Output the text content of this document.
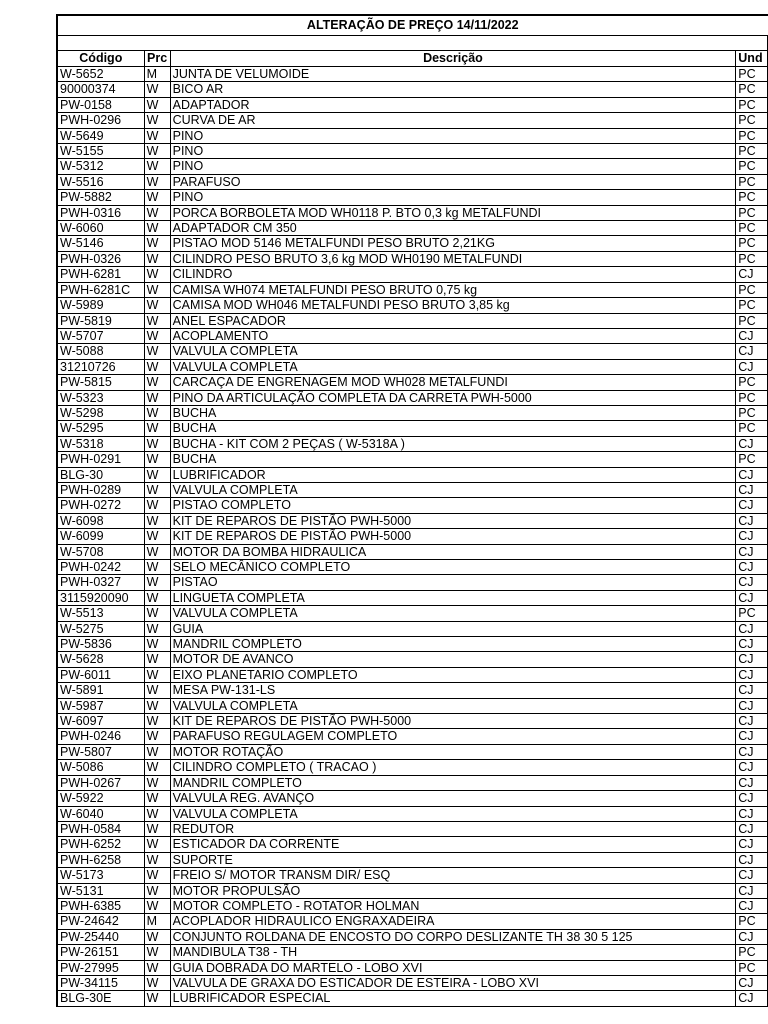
ALTERAÇÃO DE PREÇO 14/11/2022			

Código	Prc	Descrição	Und
W-5652	M	JUNTA DE VELUMOIDE	PC
90000374	W	BICO AR	PC
PW-0158	W	ADAPTADOR	PC
PWH-0296	W	CURVA DE AR	PC
W-5649	W	PINO	PC
W-5155	W	PINO	PC
W-5312	W	PINO	PC
W-5516	W	PARAFUSO	PC
PW-5882	W	PINO	PC
PWH-0316	W	PORCA BORBOLETA MOD WH0118 P. BTO 0,3 kg METALFUNDI	PC
W-6060	W	ADAPTADOR CM 350	PC
W-5146	W	PISTAO MOD 5146 METALFUNDI PESO BRUTO 2,21KG	PC
PWH-0326	W	CILINDRO PESO BRUTO 3,6 kg MOD WH0190 METALFUNDI	PC
PWH-6281	W	CILINDRO	CJ
PWH-6281C	W	CAMISA WH074 METALFUNDI PESO BRUTO 0,75 kg	PC
W-5989	W	CAMISA MOD WH046 METALFUNDI PESO BRUTO 3,85 kg	PC
PW-5819	W	ANEL ESPACADOR	PC
W-5707	W	ACOPLAMENTO	CJ
W-5088	W	VALVULA COMPLETA	CJ
31210726	W	VALVULA COMPLETA	CJ
PW-5815	W	CARCAÇA DE ENGRENAGEM MOD WH028 METALFUNDI	PC
W-5323	W	PINO DA ARTICULAÇÃO COMPLETA DA CARRETA PWH-5000	PC
W-5298	W	BUCHA	PC
W-5295	W	BUCHA	PC
W-5318	W	BUCHA - KIT COM 2 PEÇAS ( W-5318A )	CJ
PWH-0291	W	BUCHA	PC
BLG-30	W	LUBRIFICADOR	CJ
PWH-0289	W	VALVULA COMPLETA	CJ
PWH-0272	W	PISTAO COMPLETO	CJ
W-6098	W	KIT DE REPAROS DE PISTÃO PWH-5000	CJ
W-6099	W	KIT DE REPAROS DE PISTÃO PWH-5000	CJ
W-5708	W	MOTOR DA BOMBA HIDRAULICA	CJ
PWH-0242	W	SELO MECÂNICO COMPLETO	CJ
PWH-0327	W	PISTAO	CJ
3115920090	W	LINGUETA COMPLETA	CJ
W-5513	W	VALVULA COMPLETA	PC
W-5275	W	GUIA	CJ
PW-5836	W	MANDRIL COMPLETO	CJ
W-5628	W	MOTOR DE AVANCO	CJ
PW-6011	W	EIXO PLANETARIO COMPLETO	CJ
W-5891	W	MESA PW-131-LS	CJ
W-5987	W	VALVULA COMPLETA	CJ
W-6097	W	KIT DE REPAROS DE PISTÃO PWH-5000	CJ
PWH-0246	W	PARAFUSO REGULAGEM COMPLETO	CJ
PW-5807	W	MOTOR ROTAÇÃO	CJ
W-5086	W	CILINDRO COMPLETO ( TRACAO )	CJ
PWH-0267	W	MANDRIL COMPLETO	CJ
W-5922	W	VALVULA REG. AVANÇO	CJ
W-6040	W	VALVULA COMPLETA	CJ
PWH-0584	W	REDUTOR	CJ
PWH-6252	W	ESTICADOR DA CORRENTE	CJ
PWH-6258	W	SUPORTE	CJ
W-5173	W	FREIO S/ MOTOR TRANSM DIR/ ESQ	CJ
W-5131	W	MOTOR PROPULSÃO	CJ
PWH-6385	W	MOTOR COMPLETO - ROTATOR HOLMAN	CJ
PW-24642	M	ACOPLADOR HIDRAULICO ENGRAXADEIRA	PC
PW-25440	W	CONJUNTO ROLDANA DE ENCOSTO DO CORPO DESLIZANTE TH 38 30 5 125	CJ
PW-26151	W	MANDIBULA T38 - TH	PC
PW-27995	W	GUIA DOBRADA DO MARTELO - LOBO XVI	PC
PW-34115	W	VALVULA DE GRAXA DO ESTICADOR DE ESTEIRA - LOBO XVI	CJ
BLG-30E	W	LUBRIFICADOR ESPECIAL	CJ
